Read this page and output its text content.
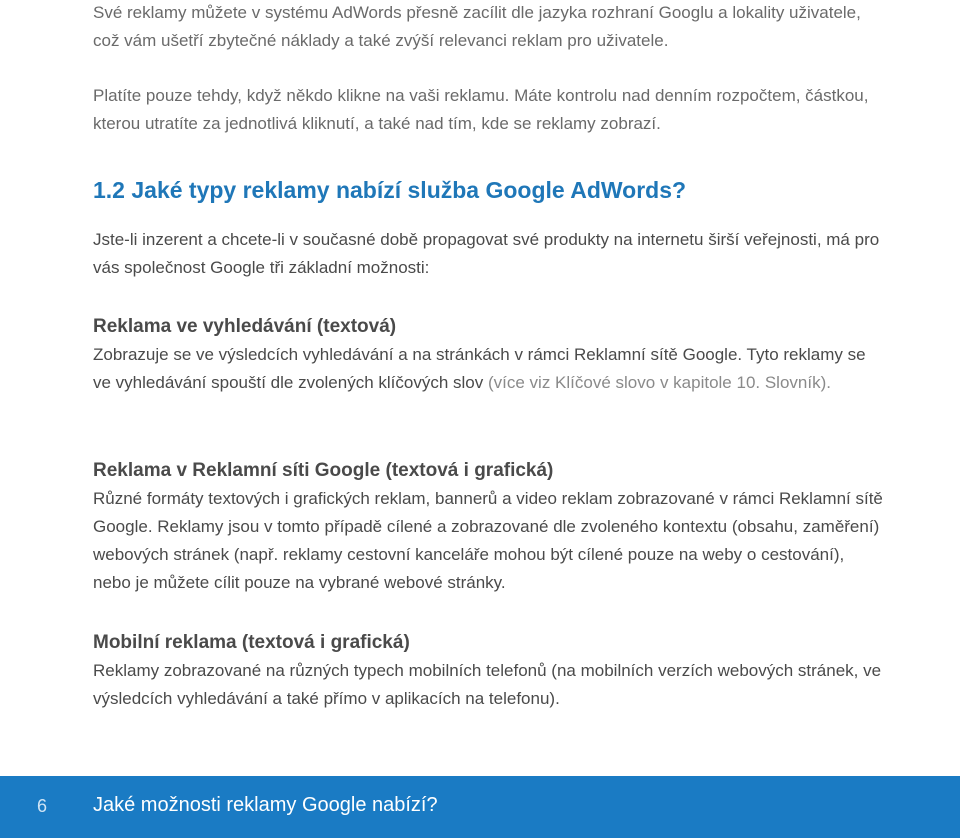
Své reklamy můžete v systému AdWords přesně zacílit dle jazyka rozhraní Googlu a lokality uživatele, což vám ušetří zbytečné náklady a také zvýší relevanci reklam pro uživatele.

Platíte pouze tehdy, když někdo klikne na vaši reklamu. Máte kontrolu nad denním rozpočtem, částkou, kterou utratíte za jednotlivá kliknutí, a také nad tím, kde se reklamy zobrazí.

1.2 Jaké typy reklamy nabízí služba Google AdWords?

Jste-li inzerent a chcete-li v současné době propagovat své produkty na internetu širší veřejnosti, má pro vás společnost Google tři základní možnosti:

Reklama ve vyhledávání (textová)

Zobrazuje se ve výsledcích vyhledávání a na stránkách v rámci Reklamní sítě Google. Tyto reklamy se ve vyhledávání spouští dle zvolených klíčových slov (více viz Klíčové slovo v kapitole 10. Slovník).

Reklama v Reklamní síti Google (textová i grafická)

Různé formáty textových i grafických reklam, bannerů a video reklam zobrazované v rámci Reklamní sítě Google. Reklamy jsou v tomto případě cílené a zobrazované dle zvoleného kontextu (obsahu, zaměření) webových stránek (např. reklamy cestovní kanceláře mohou být cílené pouze na weby o cestování), nebo je můžete cílit pouze na vybrané webové stránky.

Mobilní reklama (textová i grafická)

Reklamy zobrazované na různých typech mobilních telefonů (na mobilních verzích webových stránek, ve výsledcích vyhledávání a také přímo v aplikacích na telefonu).

6 Jaké možnosti reklamy Google nabízí?
